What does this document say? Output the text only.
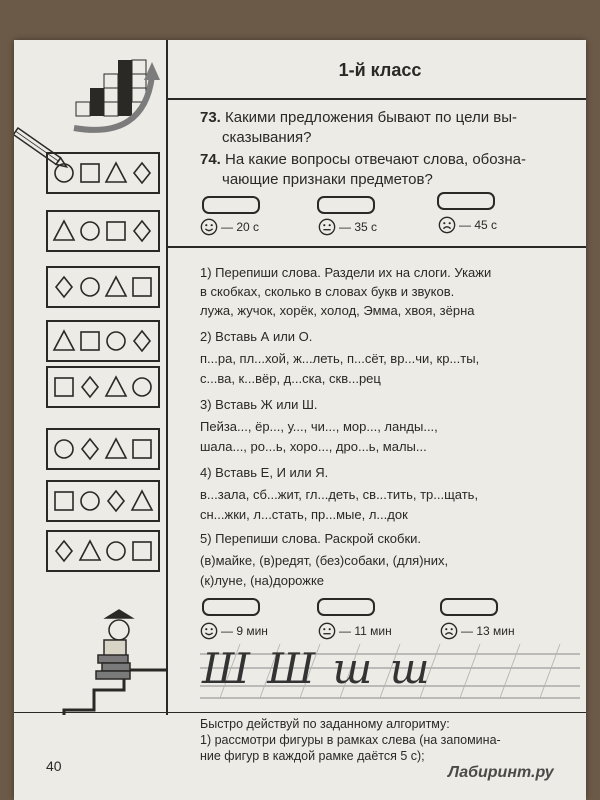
1-й класс
73. Какими предложения бывают по цели вы-
сказывания?
74. На какие вопросы отвечают слова, обозна-
чающие признаки предметов?
— 20 с	— 35 с	— 45 с
1) Перепиши слова. Раздели их на слоги. Укажи
в скобках, сколько в словах букв и звуков.
лужа, жучок, хорёк, холод, Эмма, хвоя, зёрна
2) Вставь А или О.
п...ра, пл...хой, ж...леть, п...сёт, вр...чи, кр...ты,
с...ва, к...вёр, д...ска, скв...рец
3) Вставь Ж или Ш.
Пейза..., ёр..., у..., чи..., мор..., ланды...,
шала..., ро...ь, хоро..., дро...ь, малы...
4) Вставь Е, И или Я.
в...зала, сб...жит, гл...деть, св...тить, тр...щать,
сн...жки, л...стать, пр...мые, л...док
5) Перепиши слова. Раскрой скобки.
(в)майке, (в)редят, (без)собаки, (для)них,
(к)луне, (на)дорожке
— 9 мин	— 11 мин	— 13 мин
Ш Ш ш ш
Быстро действуй по заданному алгоритму:
1) рассмотри фигуры в рамках слева (на запомина-
ние фигур в каждой рамке даётся 5 с);
40	Лабиринт.ру
